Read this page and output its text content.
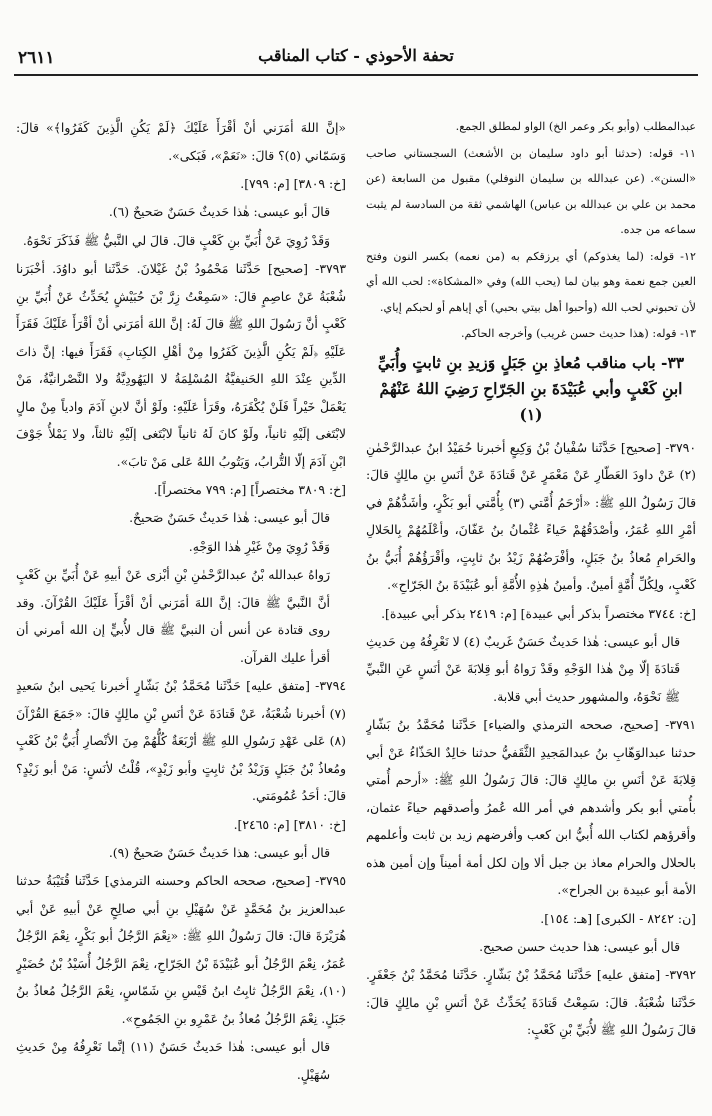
٢٦١١	تحفة الأحوذي - كتاب المناقب

عبدالمطلب (وأبو بكر وعمر الخ) الواو لمطلق الجمع.

١١- قوله: (حدثنا أبو داود سليمان بن الأشعث) السجستاني صاحب «السنن». (عن عبدالله بن سليمان النوفلي) مقبول من السابعة (عن محمد بن علي بن عبدالله بن عباس) الهاشمي ثقة من السادسة لم يثبت سماعه من جده.

١٢- قوله: (لما يغذوكم) أي يرزقكم به (من نعمه) بكسر النون وفتح العين جمع نعمة وهو بيان لما (يحب الله) وفي «المشكاة»: لحب الله أي لأن تحبوني لحب الله (وأحبوا أهل بيتي بحبي) أي إياهم أو لحبكم إياي.

١٣- قوله: (هذا حديث حسن غريب) وأخرجه الحاكم.

٣٣- باب مناقب مُعاذِ بنِ جَبَلٍ وَزيدِ بنِ ثابتٍ وأُبَيِّ ابنِ كَعْبٍ وأبي عُبَيْدَةَ بنِ الجَرّاحِ رَضِيَ اللهُ عَنْهُمْ (١)

٣٧٩٠- [صحيح] حَدَّثَنا سُفْيانُ بْنُ وَكِيعٍ أخبرنا حُمَيْدُ ابنُ عبدالرَّحْمٰنِ (٢) عَنْ داودَ العَطّارِ عَنْ مَعْمَرٍ عَنْ قَتادَةَ عَنْ أنَسِ بنِ مالِكٍ قالَ: قالَ رَسُولُ اللهِ ﷺ: «أرْحَمُ أُمَّتي (٣) بِأُمَّتي أبو بَكْرٍ، وأشَدُّهُمْ في أمْرِ اللهِ عُمَرُ، وأصْدَقُهُمْ حَياءً عُثْمانُ بنُ عَفّانَ، وأعْلَمُهُمْ بِالحَلالِ والحَرامِ مُعاذُ بنُ جَبَلٍ، وأفْرَضُهُمْ زَيْدُ بنُ ثابِتٍ، وأقْرَؤُهُمْ أُبَيُّ بنُ كَعْبٍ، ولِكُلِّ أُمَّةٍ أمينٌ. وأمينُ هٰذِهِ الأُمَّةِ أبو عُبَيْدَةَ بنُ الجَرّاحِ».

[خ: ٣٧٤٤ مختصراً بذكر أبي عبيدة] [م: ٢٤١٩ بذكر أبي عبيدة].

قال أبو عيسى: هٰذا حَديثٌ حَسَنٌ غَريبٌ (٤) لا نَعْرِفُهُ مِن حَديثِ قَتادَةَ إلّا مِنْ هٰذا الوَجْهِ وقَدْ رَواهُ أبو قِلابَةَ عَنْ أنَسٍ عَنِ النَّبيِّ ﷺ نَحْوَهُ، والمشهور حديث أبي قلابة.

٣٧٩١- [صحيح، صححه الترمذي والضياء] حَدَّثَنا مُحَمَّدُ بنُ بَشّارٍ حدثنا عبدالوَهّابِ بنُ عبدالمَجيدِ الثَّقَفيُّ حدثنا خالِدٌ الحَذّاءُ عَنْ أبي قِلابَةَ عَنْ أنَسِ بنِ مالِكٍ قالَ: قالَ رَسُولُ اللهِ ﷺ: «أرحم أُمتي بأُمتي أبو بكر وأشدهم في أمر الله عُمرُ وأصدقهم حياءً عثمان، وأقرؤهم لكتاب الله أُبيُّ ابن كعب وأفرضهم زيد بن ثابت وأعلمهم بالحلال والحرام معاذ بن جبل ألا وإن لكل أمة أميناً وإن أمين هذه الأمة أبو عبيدة بن الجراح».

[ن: ٨٢٤٢ - الكبرى] [هـ: ١٥٤].

قال أبو عيسى: هذا حديث حسن صحيح.

٣٧٩٢- [متفق عليه] حَدَّثَنا مُحَمَّدُ بْنُ بَشّارٍ. حَدَّثَنا مُحَمَّدُ بْنُ جَعْفَرٍ. حَدَّثَنا شُعْبَةُ. قالَ: سَمِعْتُ قَتادَةَ يُحَدِّثُ عَنْ أنَسِ بْنِ مالِكٍ قالَ: قالَ رَسُولُ اللهِ ﷺ لأُبَيِّ بْنِ كَعْبٍ:

«إنَّ اللهَ أمَرَني أنْ أقْرَأَ عَلَيْكَ ﴿لَمْ يَكُنِ الَّذِينَ كَفَرُوا﴾» قالَ: وَسَمّاني (٥)؟ قالَ: «نَعَمْ»، فَبَكى».

[خ: ٣٨٠٩] [م: ٧٩٩].

قالَ أبو عيسى: هٰذا حَديثٌ حَسَنٌ صَحيحٌ (٦).

وَقَدْ رُوِيَ عَنْ أُبَيِّ بنِ كَعْبٍ قالَ. قالَ لي النَّبيُّ ﷺ فَذَكَرَ نَحْوَهُ.

٣٧٩٣- [صحيح] حَدَّثَنا مَحْمُودُ بْنُ غَيْلانَ. حَدَّثَنا أبو داوُدَ. أخْبَرَنا شُعْبَةُ عَنْ عاصِمٍ قالَ: «سَمِعْتُ زِرَّ بْنَ حُبَيْشٍ يُحَدِّثُ عَنْ أُبَيِّ بنِ كَعْبٍ أنَّ رَسُولَ اللهِ ﷺ قالَ لَهُ: إنَّ اللهَ أمَرَني أنْ أقْرَأَ عَلَيْكَ فَقَرَأَ عَلَيْهِ ﴿لَمْ يَكُنِ الَّذِينَ كَفَرُوا مِنْ أهْلِ الكِتابِ﴾ فَقَرَأَ فيها: إنَّ ذاتَ الدِّينِ عِنْدَ اللهِ الحَنيفيَّةُ المُسْلِمَةُ لا اليَهُودِيَّةُ ولا النَّصْرانيَّةُ، مَنْ يَعْمَلْ خَيْراً فَلَنْ يُكْفَرَهُ، وقَرَأ عَلَيْهِ: ولَوْ أنَّ لابنِ آدَمَ وادياً مِنْ مالٍ لابْتَغى إلَيْهِ ثانياً، ولَوْ كانَ لَهُ ثانياً لابْتَغى إلَيْهِ ثالثاً، ولا يَمْلأُ جَوْفَ ابْنِ آدَمَ إلّا التُّرابُ، وَيَتُوبُ اللهُ عَلى مَنْ تابَ».

[خ: ٣٨٠٩ مختصراً] [م: ٧٩٩ مختصراً].

قالَ أبو عيسى: هٰذا حَديثٌ حَسَنٌ صَحيحٌ.

وَقَدْ رُوِيَ مِنْ غَيْرِ هٰذا الوَجْهِ.

رَواهُ عبدالله بْنُ عبدالرَّحْمٰنِ بْنِ أبْزى عَنْ أبيهِ عَنْ أُبَيِّ بنِ كَعْبٍ أنَّ النَّبيَّ ﷺ قالَ: إنَّ اللهَ أمَرَني أنْ أقْرَأَ عَلَيْكَ القُرْآنَ. وقد روى قتادة عن أنس أن النبيَّ ﷺ قال لأُبيٍّ إن الله أمرني أن أقرأ عليك القرآن.

٣٧٩٤- [متفق عليه] حَدَّثَنا مُحَمَّدُ بْنُ بَشّارٍ أخبرنا يَحيى ابنُ سَعيدٍ (٧) أخبرنا شُعْبَةُ، عَنْ قَتادَةَ عَنْ أنَسِ بْنِ مالِكٍ قالَ: «جَمَعَ القُرْآنَ (٨) عَلى عَهْدِ رَسُولِ اللهِ ﷺ أرْبَعَةٌ كُلُّهُمْ مِنَ الأنْصارِ أُبَيُّ بْنُ كَعْبٍ ومُعاذُ بْنُ جَبَلٍ وَزَيْدُ بْنُ ثابِتٍ وأبو زَيْدٍ»، قُلْتُ لأنَسٍ: مَنْ أبو زَيْدٍ؟ قالَ: أحَدُ عُمُومَتي.

[خ: ٣٨١٠] [م: ٢٤٦٥].

قال أبو عيسى: هذا حَديثٌ حَسَنٌ صَحيحٌ (٩).

٣٧٩٥- [صحيح، صححه الحاكم وحسنه الترمذي] حَدَّثَنا قُتَيْبَةُ حدثنا عبدالعزيز بنُ مُحَمَّدٍ عَنْ سُهَيْلِ بنِ أبي صالِحٍ عَنْ أبيهِ عَنْ أبي هُرَيْرَةَ قالَ: قالَ رَسُولُ اللهِ ﷺ: «نِعْمَ الرَّجُلُ أبو بَكْرٍ، نِعْمَ الرَّجُلُ عُمَرُ، نِعْمَ الرَّجُلُ أبو عُبَيْدَةَ بْنُ الجَرّاحِ، نِعْمَ الرَّجُلُ أُسَيْدُ بْنُ حُضَيْرٍ (١٠)، نِعْمَ الرَّجُلُ ثابِتُ ابنُ قَيْسِ بنِ شَمّاسٍ، نِعْمَ الرَّجُلُ مُعاذُ بنُ جَبَلٍ. نِعْمَ الرَّجُلُ مُعاذُ بنُ عَمْرِو بنِ الجَمُوحِ».

قال أبو عيسى: هٰذا حَديثٌ حَسَنٌ (١١) إنَّما نَعْرِفُهُ مِنْ حَديثِ سُهَيْلٍ.
